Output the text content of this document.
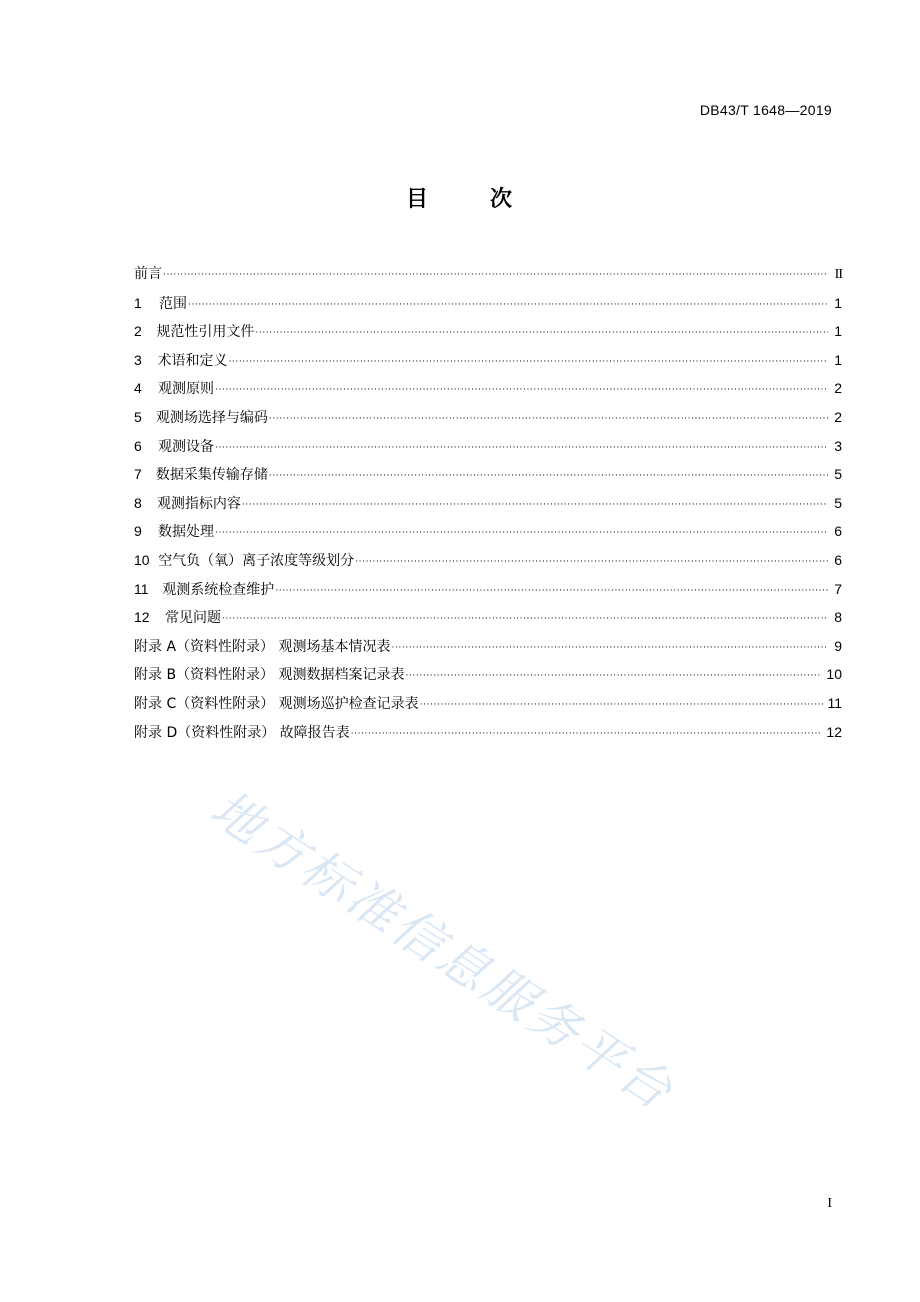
DB43/T 1648—2019
目	次
前言 ·····	II
1	范围 ·····	1
2	规范性引用文件 ·····	1
3	术语和定义 ·····	1
4	观测原则 ·····	2
5	观测场选择与编码 ·····	2
6	观测设备 ·····	3
7	数据采集传输存储 ·····	5
8	观测指标内容 ·····	5
9	数据处理 ·····	6
10 空气负（氧）离子浓度等级划分 ·····	6
11 观测系统检查维护 ·····	7
12	常见问题 ·····	8
附录 A（资料性附录） 观测场基本情况表 ·····	9
附录 B（资料性附录） 观测数据档案记录表 ·····	10
附录 C（资料性附录） 观测场巡护检查记录表 ·····	11
附录 D（资料性附录） 故障报告表 ·····	12
地方标准信息服务平台
I
